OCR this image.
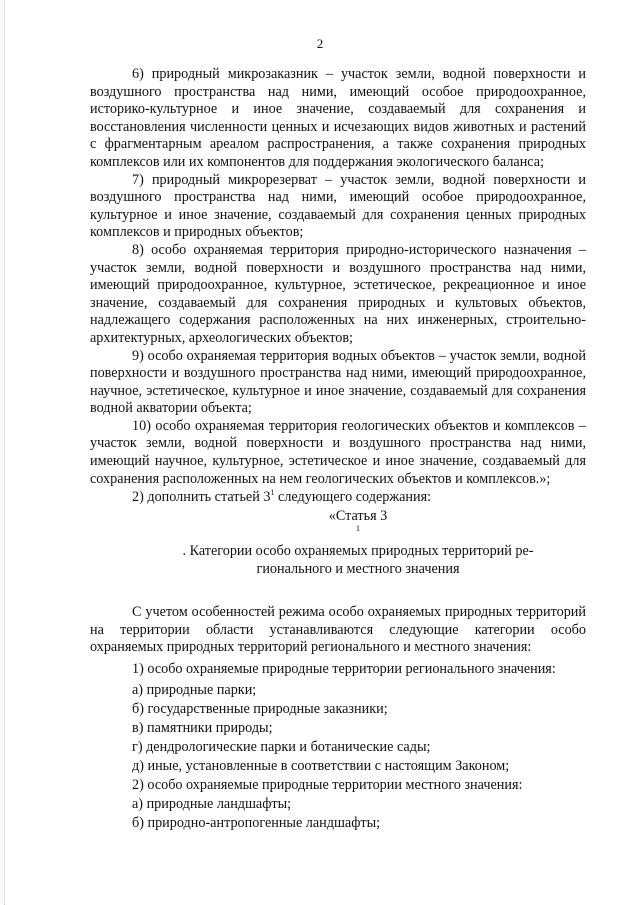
2

6) природный микрозаказник – участок земли, водной поверхности и воздушного пространства над ними, имеющий особое природоохранное, историко-культурное и иное значение, создаваемый для сохранения и восстановления численности ценных и исчезающих видов животных и растений с фрагментарным ареалом распространения, а также сохранения природных комплексов или их компонентов для поддержания экологического баланса;

7) природный микрорезерват – участок земли, водной поверхности и воздушного пространства над ними, имеющий особое природоохранное, культурное и иное значение, создаваемый для сохранения ценных природных комплексов и природных объектов;

8) особо охраняемая территория природно-исторического назначения – участок земли, водной поверхности и воздушного пространства над ними, имеющий природоохранное, культурное, эстетическое, рекреационное и иное значение, создаваемый для сохранения природных и культовых объектов, надлежащего содержания расположенных на них инженерных, строительно-архитектурных, археологических объектов;

9) особо охраняемая территория водных объектов – участок земли, водной поверхности и воздушного пространства над ними, имеющий природоохранное, научное, эстетическое, культурное и иное значение, создаваемый для сохранения водной акватории объекта;

10) особо охраняемая территория геологических объектов и комплексов – участок земли, водной поверхности и воздушного пространства над ними, имеющий научное, культурное, эстетическое и иное значение, создаваемый для сохранения расположенных на нем геологических объектов и комплексов.»;

2) дополнить статьей $3^1$ следующего содержания:

«Статья 3
$^1$
. Категории особо охраняемых природных территорий ре-
гионального и местного значения

С учетом особенностей режима особо охраняемых природных территорий на территории области устанавливаются следующие категории особо охраняемых природных территорий регионального и местного значения:

1) особо охраняемые природные территории регионального значения:

а) природные парки;
б) государственные природные заказники;
в) памятники природы;
г) дендрологические парки и ботанические сады;
д) иные, установленные в соответствии с настоящим Законом;
2) особо охраняемые природные территории местного значения:
а) природные ландшафты;
б) природно-антропогенные ландшафты;
